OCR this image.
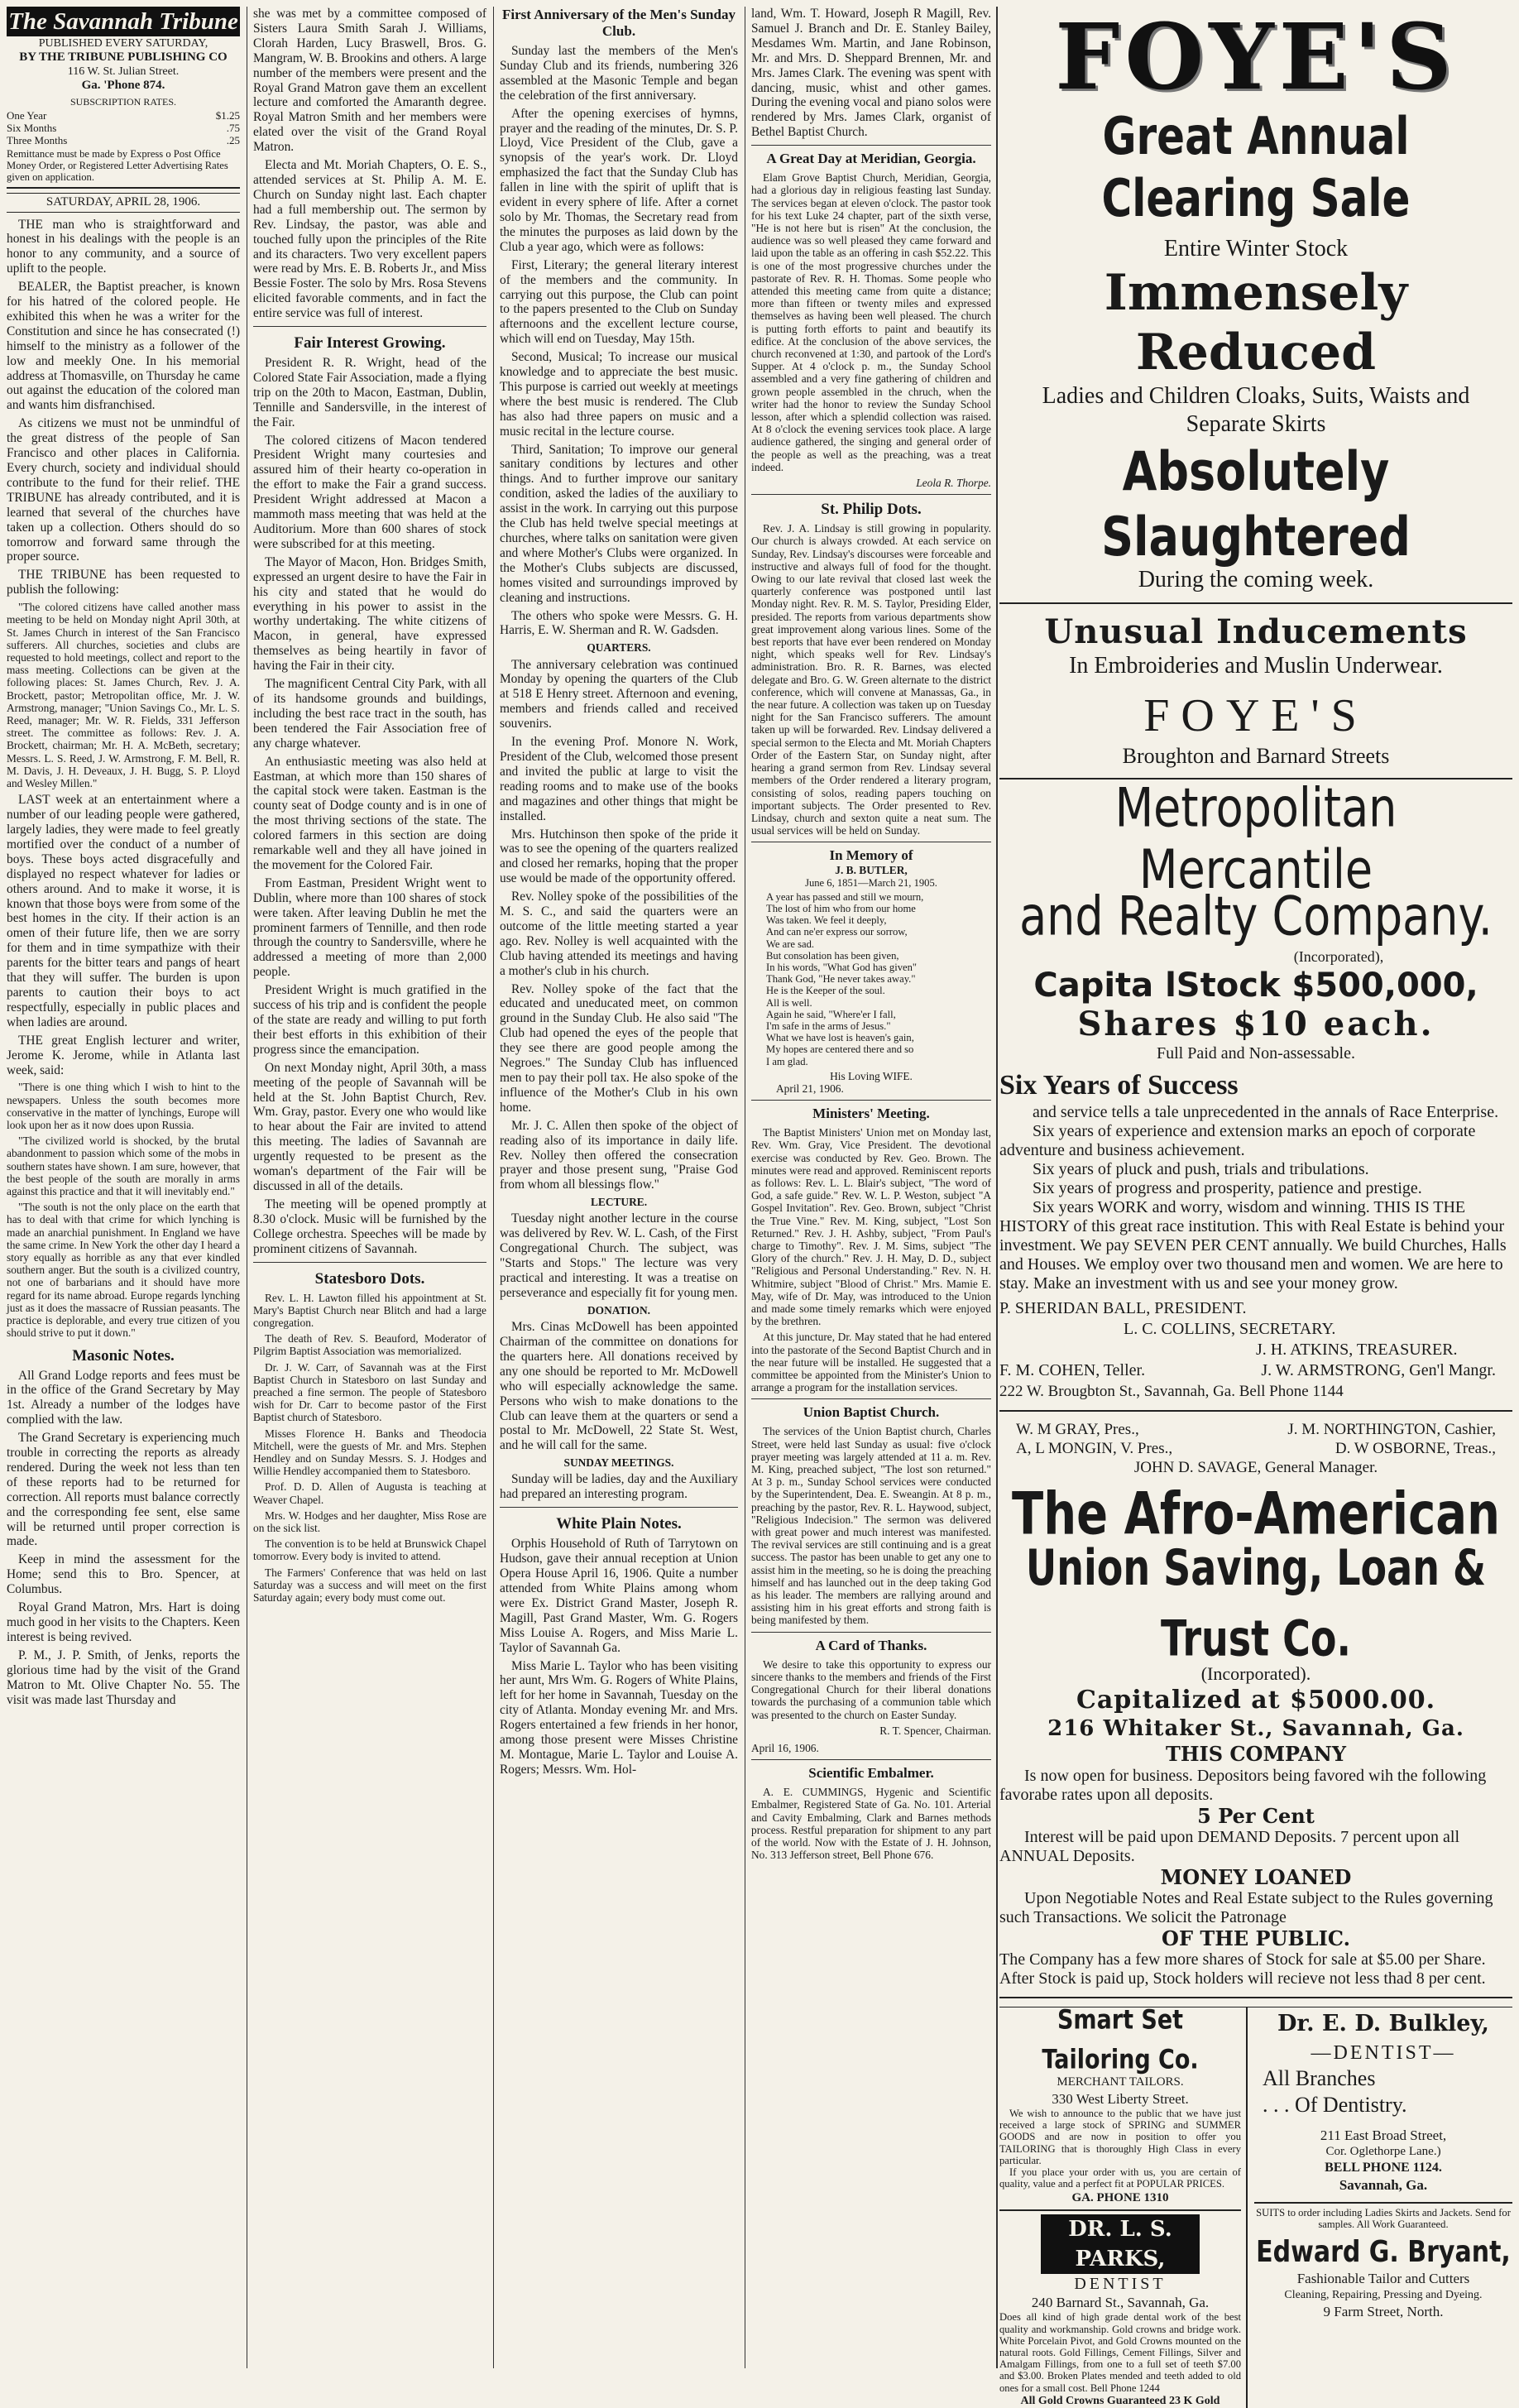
The Savannah Tribune
PUBLISHED EVERY SATURDAY,
BY THE TRIBUNE PUBLISHING CO
116 W. St. Julian Street.
Ga. 'Phone 874.
SUBSCRIPTION RATES.
One Year	$1.25
Six Months	.75
Three Months	.25
Remittance must be made by Express o Post Office Money Order, or Registered Letter Advertising Rates given on application.
SATURDAY, APRIL 28, 1906.

THE man who is straightforward and honest in his dealings with the people is an honor to any community, and a source of uplift to the people.

BEALER, the Baptist preacher, is known for his hatred of the colored people. He exhibited this when he was a writer for the Constitution and since he has consecrated (!) himself to the ministry as a follower of the low and meekly One. In his memorial address at Thomasville, on Thursday he came out against the education of the colored man and wants him disfranchised.

As citizens we must not be unmindful of the great distress of the people of San Francisco and other places in California. Every church, society and individual should contribute to the fund for their relief. THE TRIBUNE has already contributed, and it is learned that several of the churches have taken up a collection. Others should do so tomorrow and forward same through the proper source.

THE TRIBUNE has been requested to publish the following:

"The colored citizens have called another mass meeting to be held on Monday night April 30th, at St. James Church in interest of the San Francisco sufferers. All churches, societies and clubs are requested to hold meetings, collect and report to the mass meeting. Collections can be given at the following places: St. James Church, Rev. J. A. Brockett, pastor; Metropolitan office, Mr. J. W. Armstrong, manager; "Union Savings Co., Mr. L. S. Reed, manager; Mr. W. R. Fields, 331 Jefferson street. The committee as follows: Rev. J. A. Brockett, chairman; Mr. H. A. McBeth, secretary; Messrs. L. S. Reed, J. W. Armstrong, F. M. Bell, R. M. Davis, J. H. Deveaux, J. H. Bugg, S. P. Lloyd and Wesley Millen."

LAST week at an entertainment where a number of our leading people were gathered, largely ladies, they were made to feel greatly mortified over the conduct of a number of boys. These boys acted disgracefully and displayed no respect whatever for ladies or others around. And to make it worse, it is known that those boys were from some of the best homes in the city. If their action is an omen of their future life, then we are sorry for them and in time sympathize with their parents for the bitter tears and pangs of heart that they will suffer. The burden is upon parents to caution their boys to act respectfully, especially in public places and when ladies are around.

THE great English lecturer and writer, Jerome K. Jerome, while in Atlanta last week, said:

"There is one thing which I wish to hint to the newspapers. Unless the south becomes more conservative in the matter of lynchings, Europe will look upon her as it now does upon Russia.

"The civilized world is shocked, by the brutal abandonment to passion which some of the mobs in southern states have shown. I am sure, however, that the best people of the south are morally in arms against this practice and that it will inevitably end."

"The south is not the only place on the earth that has to deal with that crime for which lynching is made an anarchial punishment. In England we have the same crime. In New York the other day I heard a story equally as horrible as any that ever kindled southern anger. But the south is a civilized country, not one of barbarians and it should have more regard for its name abroad. Europe regards lynching just as it does the massacre of Russian peasants. The practice is deplorable, and every true citizen of you should strive to put it down."

Masonic Notes.

All Grand Lodge reports and fees must be in the office of the Grand Secretary by May 1st. Already a number of the lodges have complied with the law.

The Grand Secretary is experiencing much trouble in correcting the reports as already rendered. During the week not less than ten of these reports had to be returned for correction. All reports must balance correctly and the corresponding fee sent, else same will be returned until proper correction is made.

Keep in mind the assessment for the Home; send this to Bro. Spencer, at Columbus.

Royal Grand Matron, Mrs. Hart is doing much good in her visits to the Chapters. Keen interest is being revived.

P. M., J. P. Smith, of Jenks, reports the glorious time had by the visit of the Grand Matron to Mt. Olive Chapter No. 55. The visit was made last Thursday and

she was met by a committee composed of Sisters Laura Smith Sarah J. Williams, Clorah Harden, Lucy Braswell, Bros. G. Mangram, W. B. Brookins and others. A large number of the members were present and the Royal Grand Matron gave them an excellent lecture and comforted the Amaranth degree. Royal Matron Smith and her members were elated over the visit of the Grand Royal Matron.

Electa and Mt. Moriah Chapters, O. E. S., attended services at St. Philip A. M. E. Church on Sunday night last. Each chapter had a full membership out. The sermon by Rev. Lindsay, the pastor, was able and touched fully upon the principles of the Rite and its characters. Two very excellent papers were read by Mrs. E. B. Roberts Jr., and Miss Bessie Foster. The solo by Mrs. Rosa Stevens elicited favorable comments, and in fact the entire service was full of interest.

Fair Interest Growing.

President R. R. Wright, head of the Colored State Fair Association, made a flying trip on the 20th to Macon, Eastman, Dublin, Tennille and Sandersville, in the interest of the Fair.

The colored citizens of Macon tendered President Wright many courtesies and assured him of their hearty co-operation in the effort to make the Fair a grand success. President Wright addressed at Macon a mammoth mass meeting that was held at the Auditorium. More than 600 shares of stock were subscribed for at this meeting.

The Mayor of Macon, Hon. Bridges Smith, expressed an urgent desire to have the Fair in his city and stated that he would do everything in his power to assist in the worthy undertaking. The white citizens of Macon, in general, have expressed themselves as being heartily in favor of having the Fair in their city.

The magnificent Central City Park, with all of its handsome grounds and buildings, including the best race tract in the south, has been tendered the Fair Association free of any charge whatever.

An enthusiastic meeting was also held at Eastman, at which more than 150 shares of the capital stock were taken. Eastman is the county seat of Dodge county and is in one of the most thriving sections of the state. The colored farmers in this section are doing remarkable well and they all have joined in the movement for the Colored Fair.

From Eastman, President Wright went to Dublin, where more than 100 shares of stock were taken. After leaving Dublin he met the prominent farmers of Tennille, and then rode through the country to Sandersville, where he addressed a meeting of more than 2,000 people.

President Wright is much gratified in the success of his trip and is confident the people of the state are ready and willing to put forth their best efforts in this exhibition of their progress since the emancipation.

On next Monday night, April 30th, a mass meeting of the people of Savannah will be held at the St. John Baptist Church, Rev. Wm. Gray, pastor. Every one who would like to hear about the Fair are invited to attend this meeting. The ladies of Savannah are urgently requested to be present as the woman's department of the Fair will be discussed in all of the details.

The meeting will be opened promptly at 8.30 o'clock. Music will be furnished by the College orchestra. Speeches will be made by prominent citizens of Savannah.

Statesboro Dots.

Rev. L. H. Lawton filled his appointment at St. Mary's Baptist Church near Blitch and had a large congregation.

The death of Rev. S. Beauford, Moderator of Pilgrim Baptist Association was memorialized.

Dr. J. W. Carr, of Savannah was at the First Baptist Church in Statesboro on last Sunday and preached a fine sermon. The people of Statesboro wish for Dr. Carr to become pastor of the First Baptist church of Statesboro.

Misses Florence H. Banks and Theodocia Mitchell, were the guests of Mr. and Mrs. Stephen Hendley and on Sunday Messrs. S. J. Hodges and Willie Hendley accompanied them to Statesboro.

Prof. D. D. Allen of Augusta is teaching at Weaver Chapel.

Mrs. W. Hodges and her daughter, Miss Rose are on the sick list.

The convention is to be held at Brunswick Chapel tomorrow. Every body is invited to attend.

The Farmers' Conference that was held on last Saturday was a success and will meet on the first Saturday again; every body must come out.

First Anniversary of the Men's Sunday Club.

Sunday last the members of the Men's Sunday Club and its friends, numbering 326 assembled at the Masonic Temple and began the celebration of the first anniversary.

After the opening exercises of hymns, prayer and the reading of the minutes, Dr. S. P. Lloyd, Vice President of the Club, gave a synopsis of the year's work. Dr. Lloyd emphasized the fact that the Sunday Club has fallen in line with the spirit of uplift that is evident in every sphere of life. After a cornet solo by Mr. Thomas, the Secretary read from the minutes the purposes as laid down by the Club a year ago, which were as follows:

First, Literary; the general literary interest of the members and the community. In carrying out this purpose, the Club can point to the papers presented to the Club on Sunday afternoons and the excellent lecture course, which will end on Tuesday, May 15th.

Second, Musical; To increase our musical knowledge and to appreciate the best music. This purpose is carried out weekly at meetings where the best music is rendered. The Club has also had three papers on music and a music recital in the lecture course.

Third, Sanitation; To improve our general sanitary conditions by lectures and other things. And to further improve our sanitary condition, asked the ladies of the auxiliary to assist in the work. In carrying out this purpose the Club has held twelve special meetings at churches, where talks on sanitation were given and where Mother's Clubs were organized. In the Mother's Clubs subjects are discussed, homes visited and surroundings improved by cleaning and instructions.

The others who spoke were Messrs. G. H. Harris, E. W. Sherman and R. W. Gadsden.

QUARTERS.

The anniversary celebration was continued Monday by opening the quarters of the Club at 518 E Henry street. Afternoon and evening, members and friends called and received souvenirs.

In the evening Prof. Monore N. Work, President of the Club, welcomed those present and invited the public at large to visit the reading rooms and to make use of the books and magazines and other things that might be installed.

Mrs. Hutchinson then spoke of the pride it was to see the opening of the quarters realized and closed her remarks, hoping that the proper use would be made of the opportunity offered.

Rev. Nolley spoke of the possibilities of the M. S. C., and said the quarters were an outcome of the little meeting started a year ago. Rev. Nolley is well acquainted with the Club having attended its meetings and having a mother's club in his church.

Rev. Nolley spoke of the fact that the educated and uneducated meet, on common ground in the Sunday Club. He also said "The Club had opened the eyes of the people that they see there are good people among the Negroes." The Sunday Club has influenced men to pay their poll tax. He also spoke of the influence of the Mother's Club in his own home.

Mr. J. C. Allen then spoke of the object of reading also of its importance in daily life. Rev. Nolley then offered the consecration prayer and those present sung, "Praise God from whom all blessings flow."

LECTURE.

Tuesday night another lecture in the course was delivered by Rev. W. L. Cash, of the First Congregational Church. The subject, was "Starts and Stops." The lecture was very practical and interesting. It was a treatise on perseverance and especially fit for young men.

DONATION.

Mrs. Cinas McDowell has been appointed Chairman of the committee on donations for the quarters here. All donations received by any one should be reported to Mr. McDowell who will especially acknowledge the same. Persons who wish to make donations to the Club can leave them at the quarters or send a postal to Mr. McDowell, 22 State St. West, and he will call for the same.

SUNDAY MEETINGS.

Sunday will be ladies, day and the Auxiliary had prepared an interesting program.

White Plain Notes.

Orphis Household of Ruth of Tarrytown on Hudson, gave their annual reception at Union Opera House April 16, 1906. Quite a number attended from White Plains among whom were Ex. District Grand Master, Joseph R. Magill, Past Grand Master, Wm. G. Rogers Miss Louise A. Rogers, and Miss Marie L. Taylor of Savannah Ga.

Miss Marie L. Taylor who has been visiting her aunt, Mrs Wm. G. Rogers of White Plains, left for her home in Savannah, Tuesday on the city of Atlanta. Monday evening Mr. and Mrs. Rogers entertained a few friends in her honor, among those present were Misses Christine M. Montague, Marie L. Taylor and Louise A. Rogers; Messrs. Wm. Hol-

land, Wm. T. Howard, Joseph R Magill, Rev. Samuel J. Branch and Dr. E. Stanley Bailey, Mesdames Wm. Martin, and Jane Robinson, Mr. and Mrs. D. Sheppard Brennen, Mr. and Mrs. James Clark. The evening was spent with dancing, music, whist and other games. During the evening vocal and piano solos were rendered by Mrs. James Clark, organist of Bethel Baptist Church.

A Great Day at Meridian, Georgia.

Elam Grove Baptist Church, Meridian, Georgia, had a glorious day in religious feasting last Sunday. The services began at eleven o'clock. The pastor took for his text Luke 24 chapter, part of the sixth verse, "He is not here but is risen" At the conclusion, the audience was so well pleased they came forward and laid upon the table as an offering in cash $52.22. This is one of the most progressive churches under the pastorate of Rev. R. H. Thomas. Some people who attended this meeting came from quite a distance; more than fifteen or twenty miles and expressed themselves as having been well pleased. The church is putting forth efforts to paint and beautify its edifice. At the conclusion of the above services, the church reconvened at 1:30, and partook of the Lord's Supper. At 4 o'clock p. m., the Sunday School assembled and a very fine gathering of children and grown people assembled in the chruch, when the writer had the honor to review the Sunday School lesson, after which a splendid collection was raised. At 8 o'clock the evening services took place. A large audience gathered, the singing and general order of the people as well as the preaching, was a treat indeed.

Leola R. Thorpe.
St. Philip Dots.

Rev. J. A. Lindsay is still growing in popularity. Our church is always crowded. At each service on Sunday, Rev. Lindsay's discourses were forceable and instructive and always full of food for the thought. Owing to our late revival that closed last week the quarterly conference was postponed until last Monday night. Rev. R. M. S. Taylor, Presiding Elder, presided. The reports from various departments show great improvement along various lines. Some of the best reports that have ever been rendered on Monday night, which speaks well for Rev. Lindsay's administration. Bro. R. R. Barnes, was elected delegate and Bro. G. W. Green alternate to the district conference, which will convene at Manassas, Ga., in the near future. A collection was taken up on Tuesday night for the San Francisco sufferers. The amount taken up will be forwarded. Rev. Lindsay delivered a special sermon to the Electa and Mt. Moriah Chapters Order of the Eastern Star, on Sunday night, after hearing a grand sermon from Rev. Lindsay several members of the Order rendered a literary program, consisting of solos, reading papers touching on important subjects. The Order presented to Rev. Lindsay, church and sexton quite a neat sum. The usual services will be held on Sunday.

In Memory of
J. B. BUTLER,
June 6, 1851—March 21, 1905.
A year has passed and still we mourn,
The lost of him who from our home
Was taken. We feel it deeply,
And can ne'er express our sorrow,
We are sad.
But consolation has been given,
In his words, "What God has given"
Thank God, "He never takes away."
He is the Keeper of the soul.
All is well.
Again he said, "Where'er I fall,
I'm safe in the arms of Jesus."
What we have lost is heaven's gain,
My hopes are centered there and so
I am glad.
His Loving WIFE.
April 21, 1906.
Ministers' Meeting.

The Baptist Ministers' Union met on Monday last, Rev. Wm. Gray, Vice President. The devotional exercise was conducted by Rev. Geo. Brown. The minutes were read and approved. Reminiscent reports as follows: Rev. L. L. Blair's subject, "The word of God, a safe guide." Rev. W. L. P. Weston, subject "A Gospel Invitation". Rev. Geo. Brown, subject "Christ the True Vine." Rev. M. King, subject, "Lost Son Returned." Rev. J. H. Ashby, subject, "From Paul's charge to Timothy". Rev. J. M. Sims, subject "The Glory of the church." Rev. J. H. May, D. D., subject "Religious and Personal Understanding." Rev. N. H. Whitmire, subject "Blood of Christ." Mrs. Mamie E. May, wife of Dr. May, was introduced to the Union and made some timely remarks which were enjoyed by the brethren.

At this juncture, Dr. May stated that he had entered into the pastorate of the Second Baptist Church and in the near future will be installed. He suggested that a committee be appointed from the Minister's Union to arrange a program for the installation services.

Union Baptist Church.

The services of the Union Baptist church, Charles Street, were held last Sunday as usual: five o'clock prayer meeting was largely attended at 11 a. m. Rev. M. King, preached subject, "The lost son returned." At 3 p. m., Sunday School services were conducted by the Superintendent, Dea. E. Sweangin. At 8 p. m., preaching by the pastor, Rev. R. L. Haywood, subject, "Religious Indecision." The sermon was delivered with great power and much interest was manifested. The revival services are still continuing and is a great success. The pastor has been unable to get any one to assist him in the meeting, so he is doing the preaching himself and has launched out in the deep taking God as his leader. The members are rallying around and assisting him in his great efforts and strong faith is being manifested by them.

A Card of Thanks.

We desire to take this opportunity to express our sincere thanks to the members and friends of the First Congregational Church for their liberal donations towards the purchasing of a communion table which was presented to the church on Easter Sunday.

R. T. Spencer, Chairman.
April 16, 1906.
Scientific Embalmer.

A. E. CUMMINGS, Hygenic and Scientific Embalmer, Registered State of Ga. No. 101. Arterial and Cavity Embalming, Clark and Barnes methods process. Restful preparation for shipment to any part of the world. Now with the Estate of J. H. Johnson, No. 313 Jefferson street, Bell Phone 676.

FOYE'S
Great Annual Clearing Sale
Entire Winter Stock
Immensely Reduced
Ladies and Children Cloaks, Suits, Waists and Separate Skirts
Absolutely Slaughtered
During the coming week.
Unusual Inducements
In Embroideries and Muslin Underwear.
FOYE'S
Broughton and Barnard Streets
Metropolitan Mercantile
and Realty Company.
(Incorporated),
Capita lStock $500,000,
Shares $10 each.
Full Paid and Non-assessable.
Six Years of Success
and service tells a tale unprecedented in the annals of Race Enterprise.
Six years of experience and extension marks an epoch of corporate adventure and business achievement.
Six years of pluck and push, trials and tribulations.
Six years of progress and prosperity, patience and prestige.
Six years WORK and worry, wisdom and winning. THIS IS THE HISTORY of this great race institution. This with Real Estate is behind your investment. We pay SEVEN PER CENT annually. We build Churches, Halls and Houses. We employ over two thousand men and women. We are here to stay. Make an investment with us and see your money grow.
P. SHERIDAN BALL, PRESIDENT.
L. C. COLLINS, SECRETARY.
J. H. ATKINS, TREASURER.
F. M. COHEN, Teller.	J. W. ARMSTRONG, Gen'l Mangr.
222 W. Brougbton St., Savannah, Ga. Bell Phone 1144
W. M GRAY, Pres.,	J. M. NORTHINGTON, Cashier,
A, L MONGIN, V. Pres.,	D. W OSBORNE, Treas.,
JOHN D. SAVAGE, General Manager.
The Afro-American
Union Saving, Loan & Trust Co.
(Incorporated).
Capitalized at $5000.00.
216 Whitaker St., Savannah, Ga.
THIS COMPANY
Is now open for business. Depositors being favored wih the following favorabe rates upon all deposits.
5 Per Cent
Interest will be paid upon DEMAND Deposits. 7 percent upon all ANNUAL Deposits.
MONEY LOANED
Upon Negotiable Notes and Real Estate subject to the Rules governing such Transactions. We solicit the Patronage
OF THE PUBLIC.
The Company has a few more shares of Stock for sale at $5.00 per Share. After Stock is paid up, Stock holders will recieve not less thad 8 per cent.
Smart Set Tailoring Co.
MERCHANT TAILORS.
330 West Liberty Street.
We wish to announce to the public that we have just received a large stock of SPRING and SUMMER GOODS and are now in position to offer you TAILORING that is thoroughly High Class in every particular.
If you place your order with us, you are certain of quality, value and a perfect fit at POPULAR PRICES.
GA. PHONE 1310
DR. L. S. PARKS,
DENTIST
240 Barnard St., Savannah, Ga.
Does all kind of high grade dental work of the best quality and workmanship. Gold crowns and bridge work. White Porcelain Pivot, and Gold Crowns mounted on the natural roots. Gold Fillings, Cement Fillings, Silver and Amalgam Fillings, from one to a full set of teeth $7.00 and $3.00. Broken Plates mended and teeth added to old ones for a small cost. Bell Phone 1244
All Gold Crowns Guaranteed 23 K Gold
Dr. E. D. Bulkley,
—DENTIST—
All Branches
. . . Of Dentistry.
211 East Broad Street,
Cor. Oglethorpe Lane.)
BELL PHONE 1124.
Savannah, Ga.
SUITS to order including Ladies Skirts and Jackets. Send for samples. All Work Guaranteed.
Edward G. Bryant,
Fashionable Tailor and Cutters
Cleaning, Repairing, Pressing and Dyeing.
9 Farm Street, North.
